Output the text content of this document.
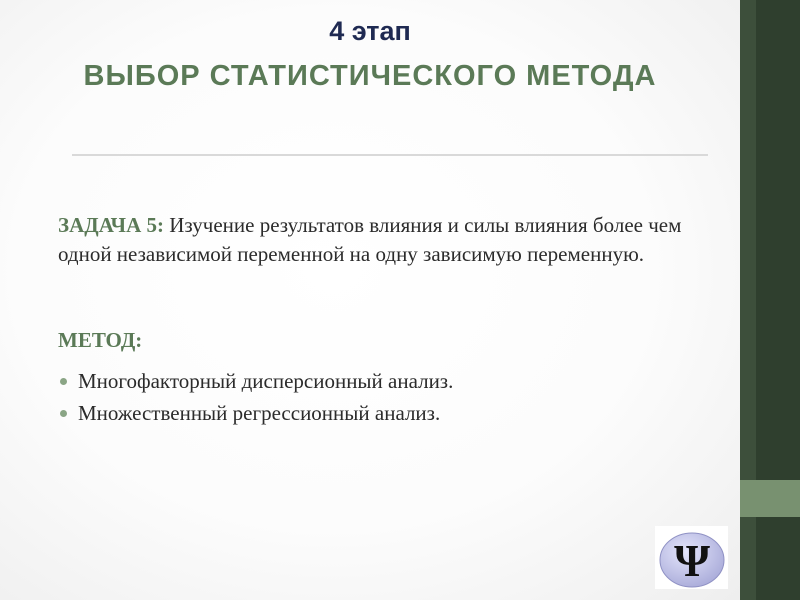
4 этап
ВЫБОР СТАТИСТИЧЕСКОГО МЕТОДА

ЗАДАЧА 5: Изучение результатов влияния и силы влияния более чем одной независимой переменной на одну зависимую переменную.

МЕТОД:
Многофакторный дисперсионный анализ.
Множественный регрессионный анализ.
Ψ
